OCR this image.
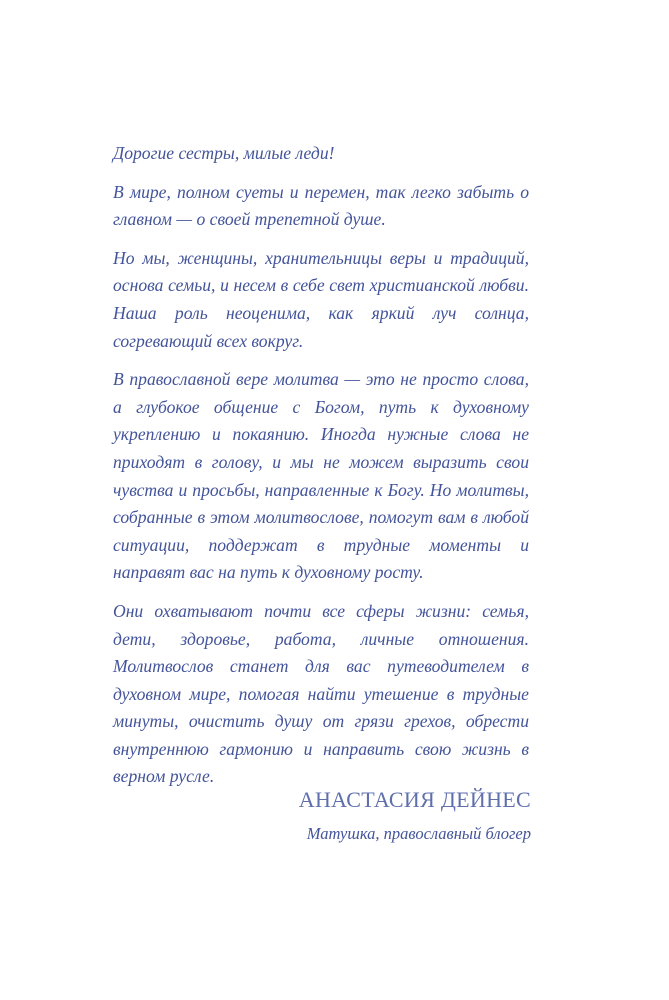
Дорогие сестры, милые леди!

В мире, полном суеты и перемен, так легко забыть о главном — о своей трепетной душе.

Но мы, женщины, хранительницы веры и традиций, основа семьи, и несем в себе свет христианской любви. Наша роль неоценима, как яркий луч солнца, согревающий всех вокруг.

В православной вере молитва — это не просто слова, а глубокое общение с Богом, путь к духовному укреплению и покаянию. Иногда нужные слова не приходят в голову, и мы не можем выразить свои чувства и просьбы, направленные к Богу. Но молитвы, собранные в этом молитвослове, помогут вам в любой ситуации, поддержат в трудные моменты и направят вас на путь к духовному росту.

Они охватывают почти все сферы жизни: семья, дети, здоровье, работа, личные отношения. Молитвослов станет для вас путеводителем в духовном мире, помогая найти утешение в трудные минуты, очистить душу от грязи грехов, обрести внутреннюю гармонию и направить свою жизнь в верном русле.

АНАСТАСИЯ ДЕЙНЕС
Матушка, православный блогер
